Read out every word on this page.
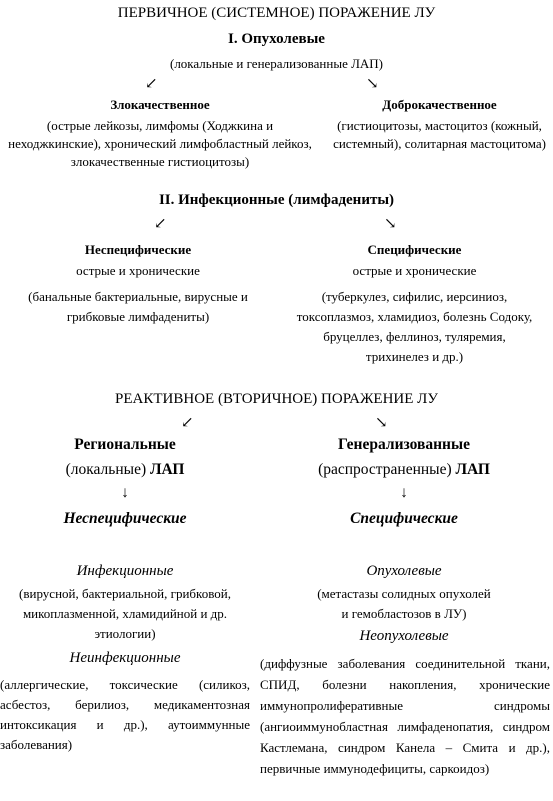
ПЕРВИЧНОЕ (СИСТЕМНОЕ) ПОРАЖЕНИЕ ЛУ
I. Опухолевые
(локальные и генерализованные ЛАП)
↙	↘
Злокачественное
(острые лейкозы, лимфомы (Ходжкина и
неходжкинские), хронический лимфобластный лейкоз,
злокачественные гистиоцитозы)
Доброкачественное
(гистиоцитозы, мастоцитоз (кожный,
системный), солитарная мастоцитома)
II. Инфекционные (лимфадениты)
↙	↘
Неспецифические
острые и хронические
(банальные бактериальные, вирусные и
грибковые лимфадениты)
Специфические
острые и хронические
(туберкулез, сифилис, иерсиниоз,
токсоплазмоз, хламидиоз, болезнь Содоку,
бруцеллез, феллиноз, туляремия,
трихинелез и др.)
РЕАКТИВНОЕ (ВТОРИЧНОЕ) ПОРАЖЕНИЕ ЛУ
↙	↘
Региональные
(локальные) ЛАП
↓
Неспецифические
Генерализованные
(распространенные) ЛАП
↓
Специфические
Инфекционные
(вирусной, бактериальной, грибковой,
микоплазменной, хламидийной и др.
этиологии)
Неинфекционные
(аллергические, токсические (силикоз, асбестоз, берилиоз, медикаментозная интоксикация и др.), аутоиммунные заболевания)
Опухолевые
(метастазы солидных опухолей
и гемобластозов в ЛУ)
Неопухолевые
(диффузные заболевания соединительной ткани, СПИД, болезни накопления, хронические иммунопролиферативные синдромы (ангиоиммунобластная лимфаденопатия, синдром Кастлемана, синдром Канела – Смита и др.), первичные иммунодефициты, саркоидоз)
